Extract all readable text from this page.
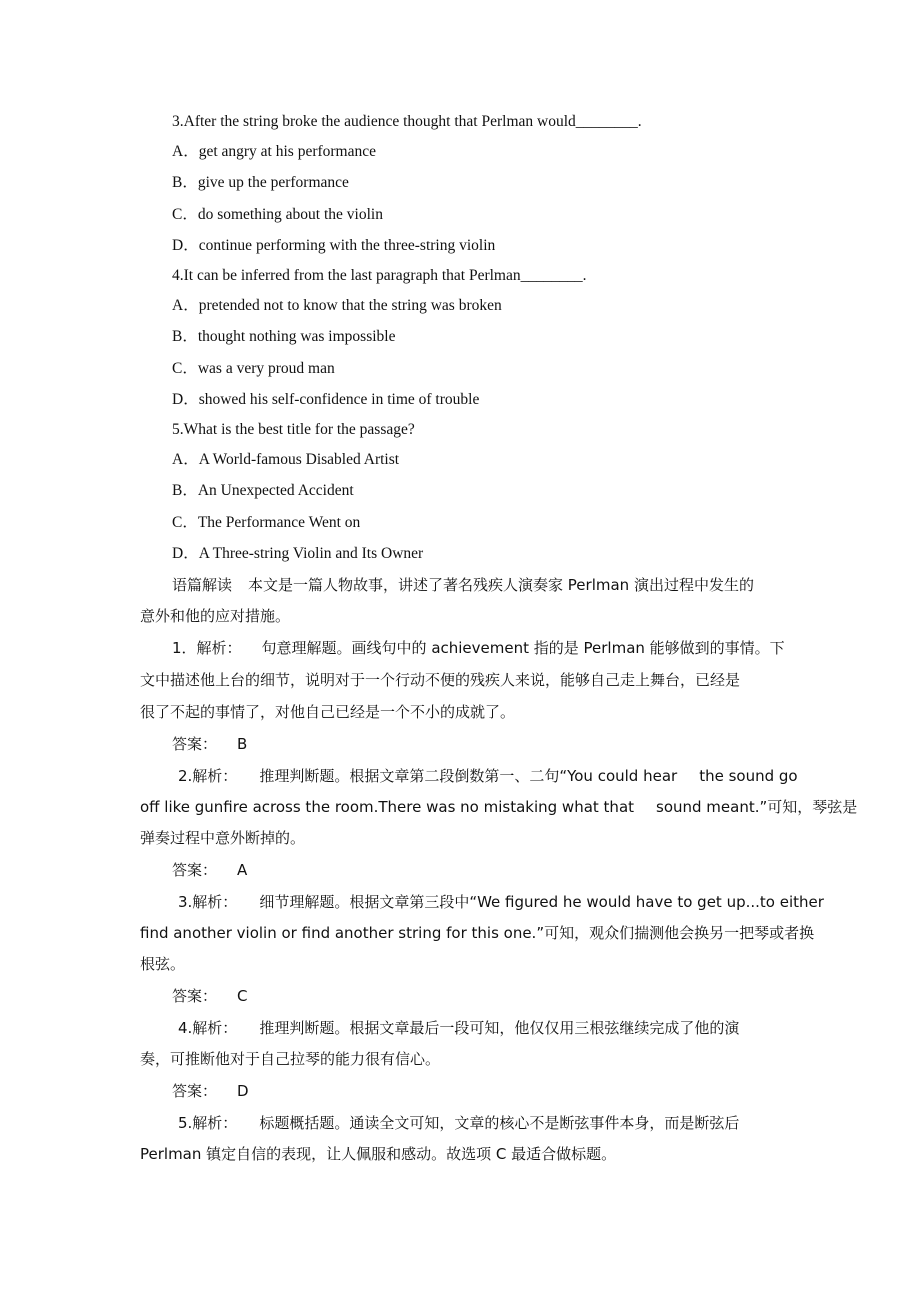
3.After the string broke the audience thought that Perlman would________.
A．get angry at his performance
B．give up the performance
C．do something about the violin
D．continue performing with the three-string violin
4.It can be inferred from the last paragraph that Perlman________.
A．pretended not to know that the string was broken
B．thought nothing was impossible
C．was a very proud man
D．showed his self-confidence in time of trouble
5.What is the best title for the passage?
A．A World-famous Disabled Artist
B．An Unexpected Accident
C．The Performance Went on
D．A Three-string Violin and Its Owner
语篇解读 本文是一篇人物故事，讲述了著名残疾人演奏家 Perlman 演出过程中发生的
意外和他的应对措施。
1．解析： 句意理解题。画线句中的 achievement 指的是 Perlman 能够做到的事情。下
文中描述他上台的细节，说明对于一个行动不便的残疾人来说，能够自己走上舞台，已经是
很了不起的事情了，对他自己已经是一个不小的成就了。
答案： B
2.解析： 推理判断题。根据文章第二段倒数第一、二句“You could hear the sound go
off like gunfire across the room.There was no mistaking what that sound meant.”可知，琴弦是
弹奏过程中意外断掉的。
答案： A
3.解析： 细节理解题。根据文章第三段中“We figured he would have to get up...to either
find another violin or find another string for this one.”可知，观众们揣测他会换另一把琴或者换
根弦。
答案： C
4.解析： 推理判断题。根据文章最后一段可知，他仅仅用三根弦继续完成了他的演
奏，可推断他对于自己拉琴的能力很有信心。
答案： D
5.解析： 标题概括题。通读全文可知，文章的核心不是断弦事件本身，而是断弦后
Perlman 镇定自信的表现，让人佩服和感动。故选项 C 最适合做标题。
